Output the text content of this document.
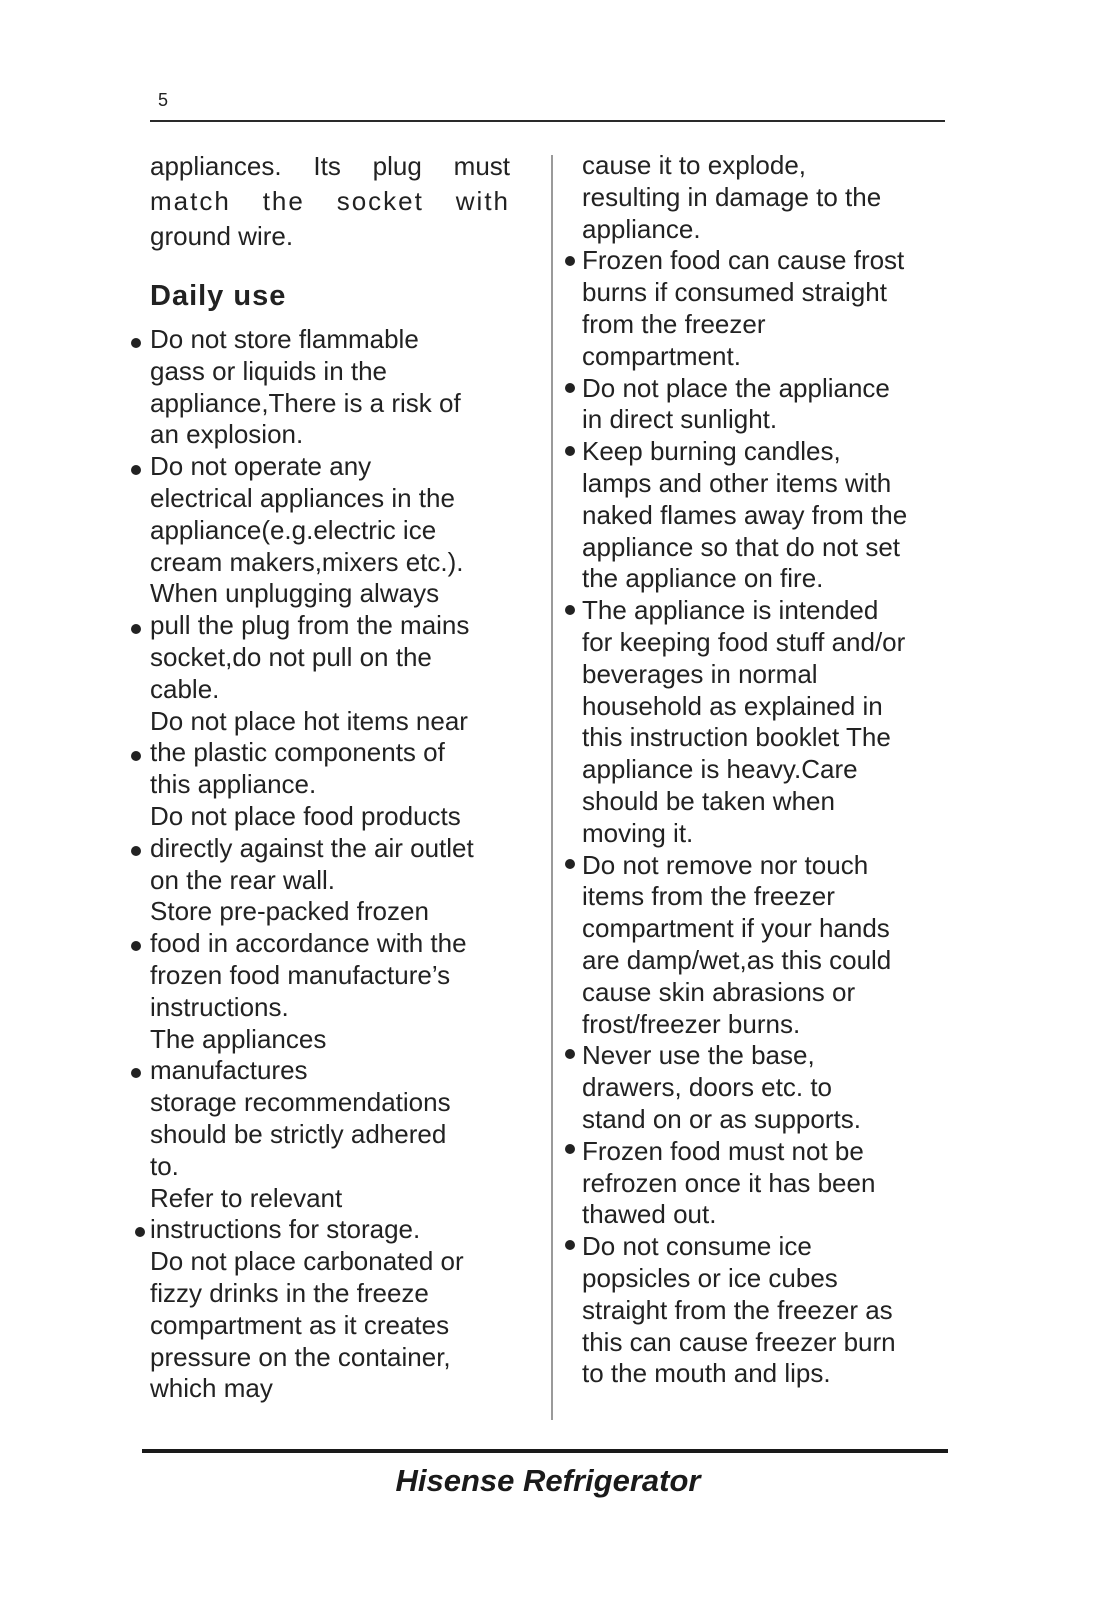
5
appliances. Its plug must
match the socket with
ground wire.
Daily use
Do not store flammable
gass or liquids in the
appliance,There is a risk of
an explosion.
Do not operate any
electrical appliances in the
appliance(e.g.electric ice
cream makers,mixers etc.).
When unplugging always
pull the plug from the mains
socket,do not pull on the
cable.
Do not place hot items near
the plastic components of
this appliance.
Do not place food products
directly against the air outlet
on the rear wall.
Store pre-packed frozen
food in accordance with the
frozen food manufacture’s
instructions.
The appliances
manufactures
storage recommendations
should be strictly adhered
to.
Refer to relevant
instructions for storage.
Do not place carbonated or
fizzy drinks in the freeze
compartment as it creates
pressure on the container,
which may
cause it to explode,
resulting in damage to the
appliance.
Frozen food can cause frost
burns if consumed straight
from the freezer
compartment.
Do not place the appliance
in direct sunlight.
Keep burning candles,
lamps and other items with
naked flames away from the
appliance so that do not set
the appliance on fire.
The appliance is intended
for keeping food stuff and/or
beverages in normal
household as explained in
this instruction booklet The
appliance is heavy.Care
should be taken when
moving it.
Do not remove nor touch
items from the freezer
compartment if your hands
are damp/wet,as this could
cause skin abrasions or
frost/freezer burns.
Never use the base,
drawers, doors etc. to
stand on or as supports.
Frozen food must not be
refrozen once it has been
thawed out.
Do not consume ice
popsicles or ice cubes
straight from the freezer as
this can cause freezer burn
to the mouth and lips.
Hisense Refrigerator
